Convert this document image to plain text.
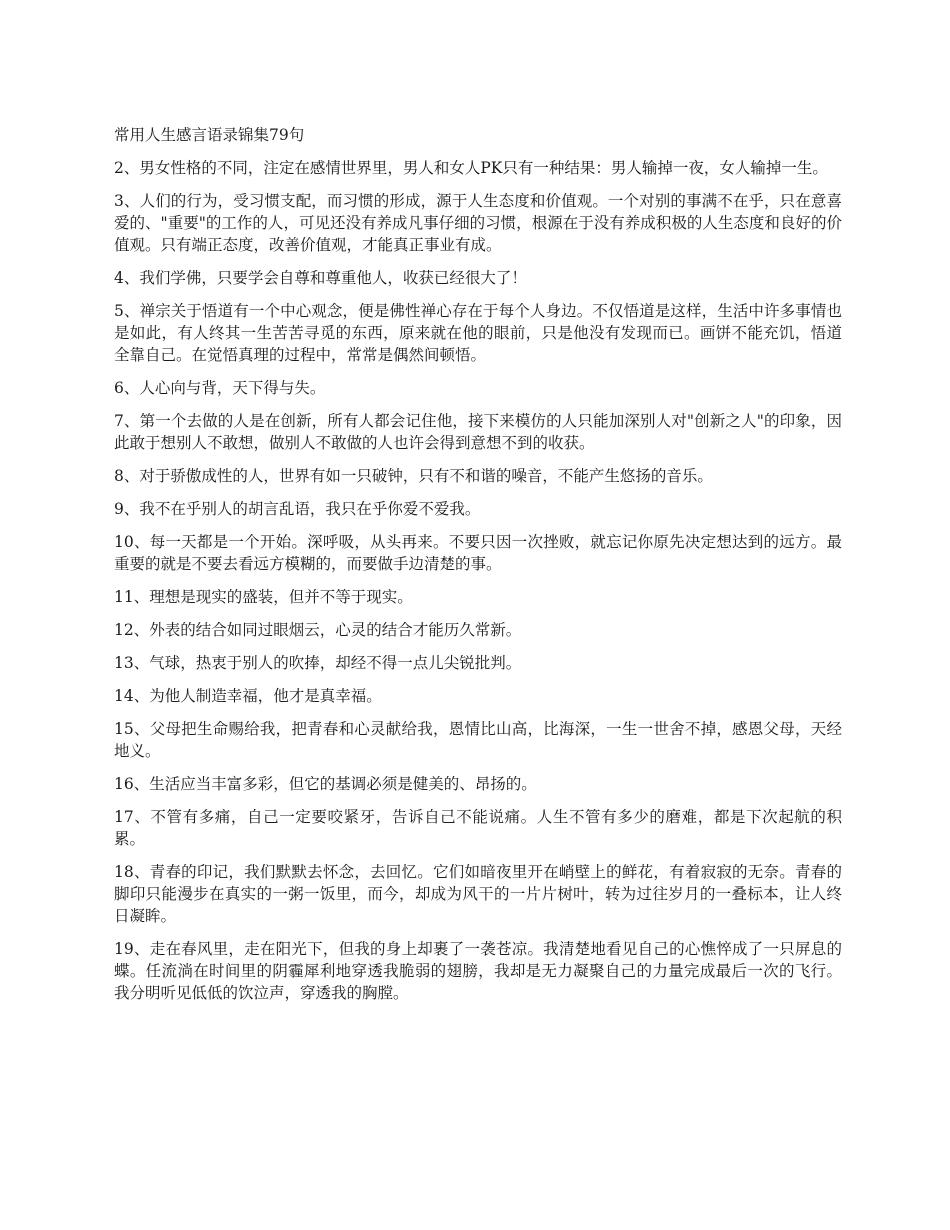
常用人生感言语录锦集79句

2、男女性格的不同，注定在感情世界里，男人和女人PK只有一种结果：男人输掉一夜，女人输掉一生。

3、人们的行为，受习惯支配，而习惯的形成，源于人生态度和价值观。一个对别的事满不在乎，只在意喜爱的、"重要"的工作的人，可见还没有养成凡事仔细的习惯，根源在于没有养成积极的人生态度和良好的价值观。只有端正态度，改善价值观，才能真正事业有成。

4、我们学佛，只要学会自尊和尊重他人，收获已经很大了！

5、禅宗关于悟道有一个中心观念，便是佛性禅心存在于每个人身边。不仅悟道是这样，生活中许多事情也是如此，有人终其一生苦苦寻觅的东西，原来就在他的眼前，只是他没有发现而已。画饼不能充饥，悟道全靠自己。在觉悟真理的过程中，常常是偶然间顿悟。

6、人心向与背，天下得与失。

7、第一个去做的人是在创新，所有人都会记住他，接下来模仿的人只能加深别人对"创新之人"的印象，因此敢于想别人不敢想，做别人不敢做的人也许会得到意想不到的收获。

8、对于骄傲成性的人，世界有如一只破钟，只有不和谐的噪音，不能产生悠扬的音乐。

9、我不在乎别人的胡言乱语，我只在乎你爱不爱我。

10、每一天都是一个开始。深呼吸，从头再来。不要只因一次挫败，就忘记你原先决定想达到的远方。最重要的就是不要去看远方模糊的，而要做手边清楚的事。

11、理想是现实的盛装，但并不等于现实。

12、外表的结合如同过眼烟云，心灵的结合才能历久常新。

13、气球，热衷于别人的吹捧，却经不得一点儿尖锐批判。

14、为他人制造幸福，他才是真幸福。

15、父母把生命赐给我，把青春和心灵献给我，恩情比山高，比海深，一生一世舍不掉，感恩父母，天经地义。

16、生活应当丰富多彩，但它的基调必须是健美的、昂扬的。

17、不管有多痛，自己一定要咬紧牙，告诉自己不能说痛。人生不管有多少的磨难，都是下次起航的积累。

18、青春的印记，我们默默去怀念，去回忆。它们如暗夜里开在峭壁上的鲜花，有着寂寂的无奈。青春的脚印只能漫步在真实的一粥一饭里，而今，却成为风干的一片片树叶，转为过往岁月的一叠标本，让人终日凝眸。

19、走在春风里，走在阳光下，但我的身上却裹了一袭苍凉。我清楚地看见自己的心憔悴成了一只屏息的蝶。任流淌在时间里的阴霾犀利地穿透我脆弱的翅膀，我却是无力凝聚自己的力量完成最后一次的飞行。我分明听见低低的饮泣声，穿透我的胸膛。
